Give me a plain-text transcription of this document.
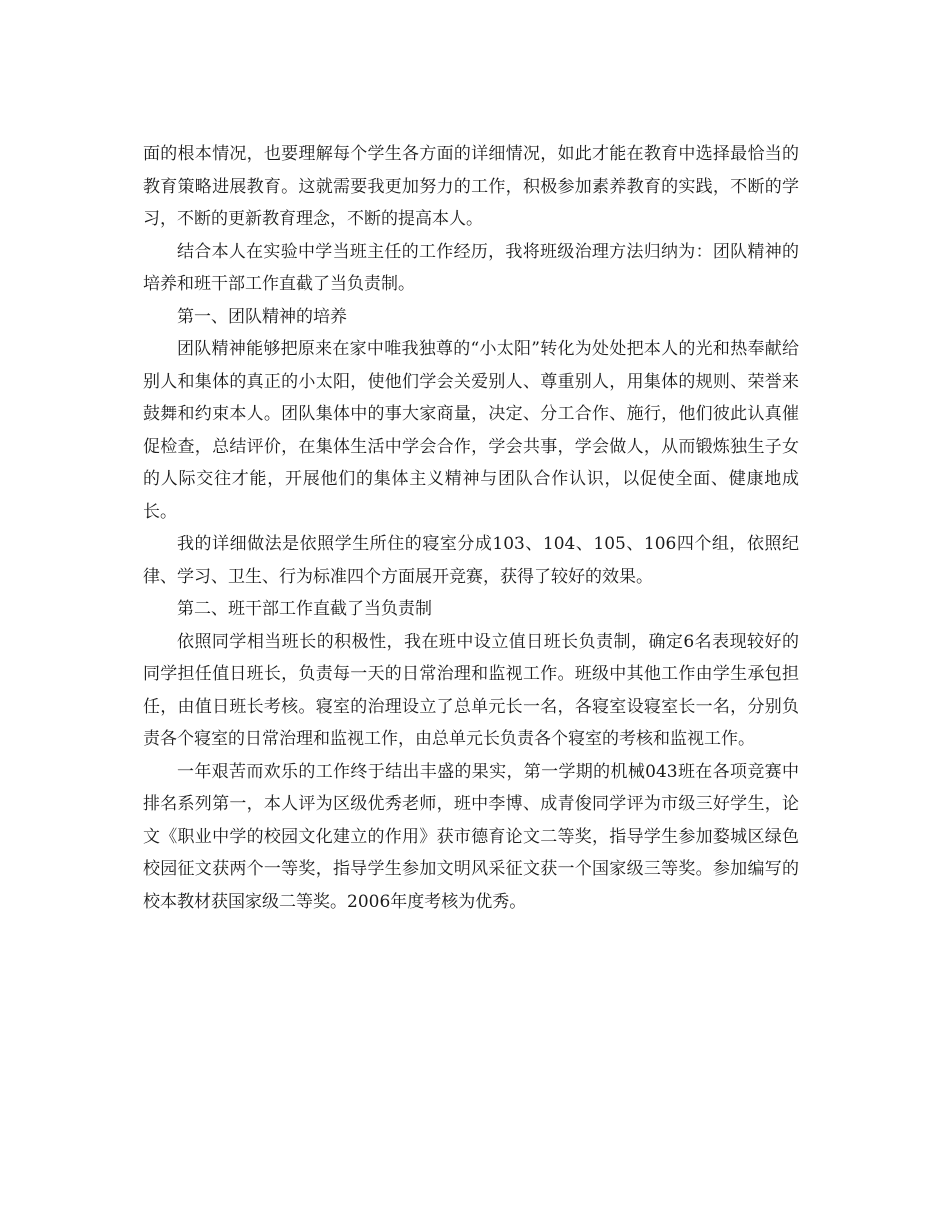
面的根本情况，也要理解每个学生各方面的详细情况，如此才能在教育中选择最恰当的教育策略进展教育。这就需要我更加努力的工作，积极参加素养教育的实践，不断的学习，不断的更新教育理念，不断的提高本人。

结合本人在实验中学当班主任的工作经历，我将班级治理方法归纳为：团队精神的培养和班干部工作直截了当负责制。

第一、团队精神的培养

团队精神能够把原来在家中唯我独尊的“小太阳”转化为处处把本人的光和热奉献给别人和集体的真正的小太阳，使他们学会关爱别人、尊重别人，用集体的规则、荣誉来鼓舞和约束本人。团队集体中的事大家商量，决定、分工合作、施行，他们彼此认真催促检查，总结评价，在集体生活中学会合作，学会共事，学会做人，从而锻炼独生子女的人际交往才能，开展他们的集体主义精神与团队合作认识，以促使全面、健康地成长。

我的详细做法是依照学生所住的寝室分成103、104、105、106四个组，依照纪律、学习、卫生、行为标准四个方面展开竞赛，获得了较好的效果。

第二、班干部工作直截了当负责制

依照同学相当班长的积极性，我在班中设立值日班长负责制，确定6名表现较好的同学担任值日班长，负责每一天的日常治理和监视工作。班级中其他工作由学生承包担任，由值日班长考核。寝室的治理设立了总单元长一名，各寝室设寝室长一名，分别负责各个寝室的日常治理和监视工作，由总单元长负责各个寝室的考核和监视工作。

一年艰苦而欢乐的工作终于结出丰盛的果实，第一学期的机械043班在各项竞赛中排名系列第一，本人评为区级优秀老师，班中李博、成青俊同学评为市级三好学生，论文《职业中学的校园文化建立的作用》获市德育论文二等奖，指导学生参加婺城区绿色校园征文获两个一等奖，指导学生参加文明风采征文获一个国家级三等奖。参加编写的校本教材获国家级二等奖。2006年度考核为优秀。
